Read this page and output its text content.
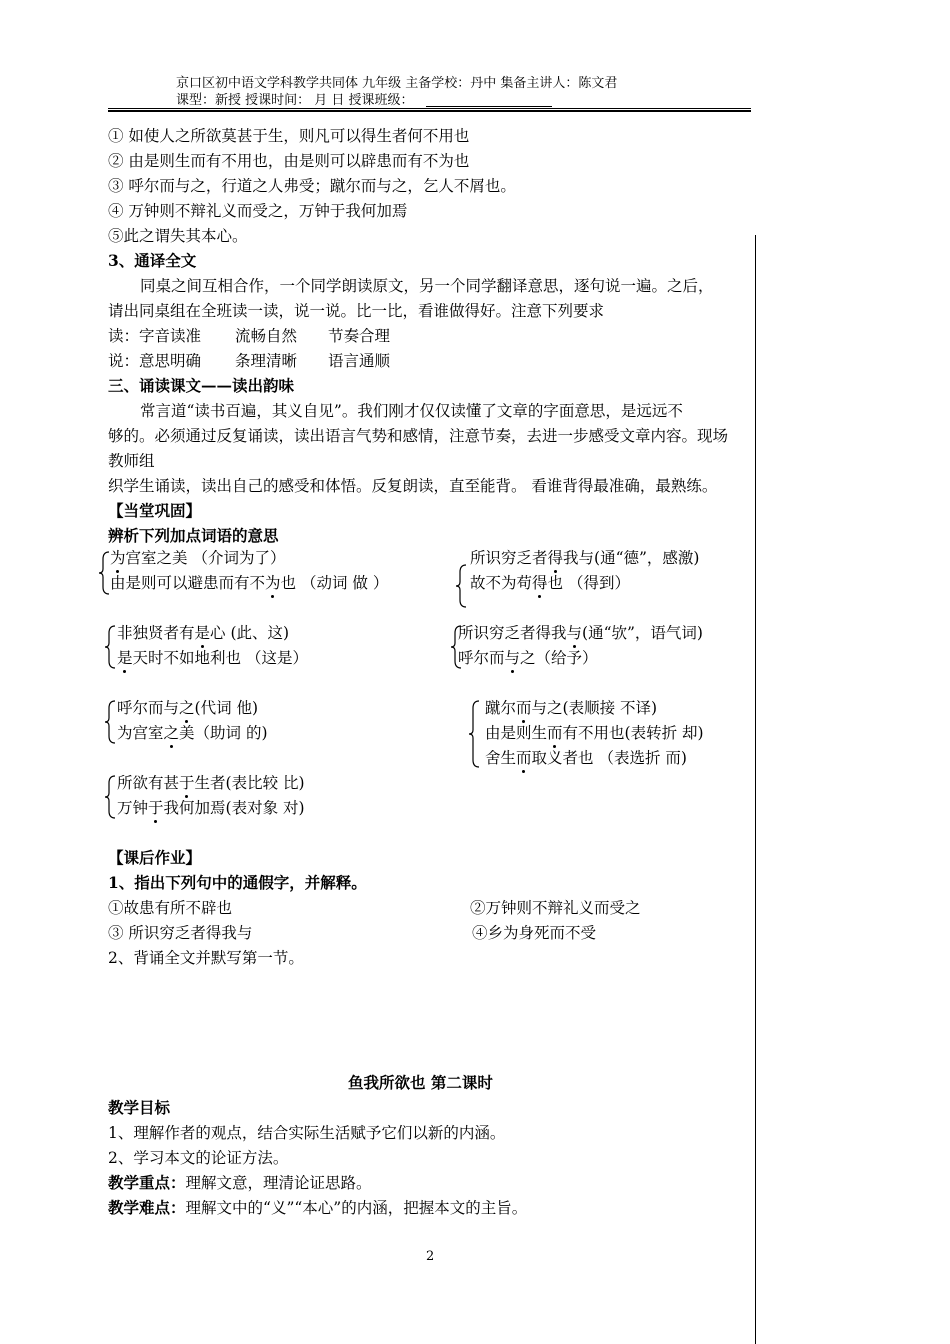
京口区初中语文学科教学共同体 九年级 主备学校：丹中 集备主讲人：陈文君
课型：新授 授课时间： 月 日 授课班级：
① 如使人之所欲莫甚于生，则凡可以得生者何不用也
② 由是则生而有不用也，由是则可以辟患而有不为也
③ 呼尔而与之，行道之人弗受；蹴尔而与之，乞人不屑也。
④ 万钟则不辩礼义而受之，万钟于我何加焉
⑤此之谓失其本心。
3、通译全文
同桌之间互相合作，一个同学朗读原文，另一个同学翻译意思，逐句说一遍。之后，
请出同桌组在全班读一读，说一说。比一比，看谁做得好。注意下列要求
读：字音读准 流畅自然 节奏合理
说：意思明确 条理清晰 语言通顺
三、诵读课文——读出韵味
常言道“读书百遍，其义自见”。我们刚才仅仅读懂了文章的字面意思，是远远不
够的。必须通过反复诵读，读出语言气势和感情，注意节奏，去进一步感受文章内容。现场
教师组
织学生诵读，读出自己的感受和体悟。反复朗读，直至能背。 看谁背得最准确，最熟练。
【当堂巩固】
辨析下列加点词语的意思
为宫室之美 （介词为了）
由是则可以避患而有不为也 （动词 做 ）
所识穷乏者得我与(通“德”，感激)
故不为苟得也 （得到）
非独贤者有是心 (此、这)
是天时不如地利也 （这是）
所识穷乏者得我与(通“欤”，语气词)
呼尔而与之（给予）
呼尔而与之(代词 他)
为宫室之美（助词 的)
蹴尔而与之(表顺接 不译)
由是则生而有不用也(表转折 却)
舍生而取义者也 （表选折 而)
所欲有甚于生者(表比较 比)
万钟于我何加焉(表对象 对)
【课后作业】
1、指出下列句中的通假字，并解释。
①故患有所不辟也	②万钟则不辩礼义而受之
③ 所识穷乏者得我与	④乡为身死而不受
2、背诵全文并默写第一节。
鱼我所欲也 第二课时
教学目标
1、理解作者的观点，结合实际生活赋予它们以新的内涵。
2、学习本文的论证方法。
教学重点：理解文意，理清论证思路。
教学难点：理解文中的“义”“本心”的内涵，把握本文的主旨。
2
